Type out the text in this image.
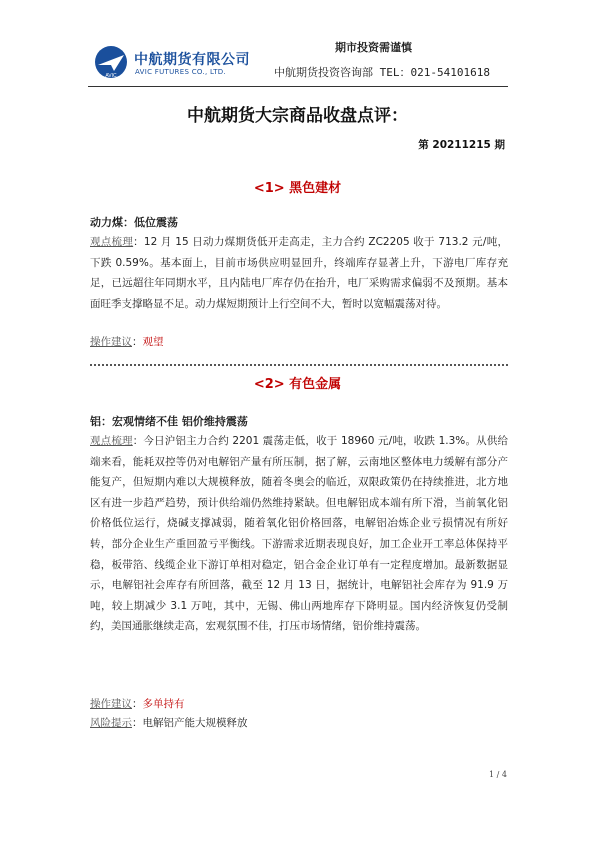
AVIC
中航期货有限公司
AVIC FUTURES CO., LTD.
期市投资需谨慎
中航期货投资咨询部 TEL：021-54101618
中航期货大宗商品收盘点评：
第 20211215 期
<1> 黑色建材
动力煤：低位震荡
观点梳理：12 月 15 日动力煤期货低开走高走，主力合约 ZC2205 收于 713.2 元/吨，下跌 0.59%。基本面上，目前市场供应明显回升，终端库存显著上升，下游电厂库存充足，已远超往年同期水平，且内陆电厂库存仍在抬升，电厂采购需求偏弱不及预期。基本面旺季支撑略显不足。动力煤短期预计上行空间不大，暂时以宽幅震荡对待。
操作建议：观望
<2> 有色金属
铝：宏观情绪不佳 铝价维持震荡
观点梳理：今日沪铝主力合约 2201 震荡走低，收于 18960 元/吨，收跌 1.3%。从供给端来看，能耗双控等仍对电解铝产量有所压制，据了解，云南地区整体电力缓解有部分产能复产，但短期内难以大规模释放，随着冬奥会的临近，双限政策仍在持续推进，北方地区有进一步趋严趋势，预计供给端仍然维持紧缺。但电解铝成本端有所下滑，当前氧化铝价格低位运行，烧碱支撑减弱，随着氧化铝价格回落，电解铝冶炼企业亏损情况有所好转，部分企业生产重回盈亏平衡线。下游需求近期表现良好，加工企业开工率总体保持平稳，板带箔、线缆企业下游订单相对稳定，铝合金企业订单有一定程度增加。最新数据显示，电解铝社会库存有所回落，截至 12 月 13 日，据统计，电解铝社会库存为 91.9 万吨，较上期减少 3.1 万吨，其中，无锡、佛山两地库存下降明显。国内经济恢复仍受制约，美国通胀继续走高，宏观氛围不佳，打压市场情绪，铝价维持震荡。
操作建议：多单持有
风险提示：电解铝产能大规模释放
1 / 4
